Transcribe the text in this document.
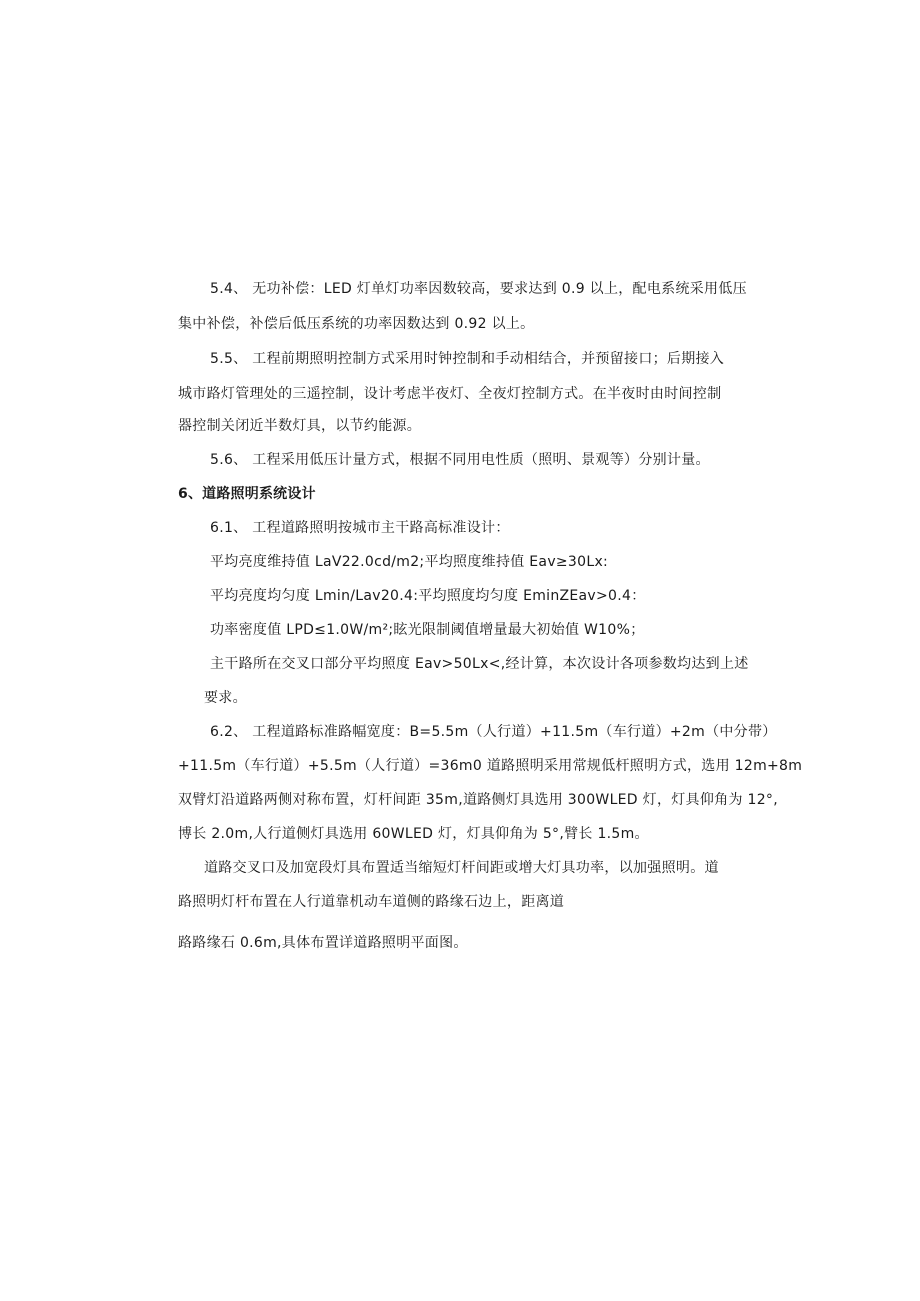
5.4、 无功补偿：LED 灯单灯功率因数较高，要求达到 0.9 以上，配电系统采用低压
集中补偿，补偿后低压系统的功率因数达到 0.92 以上。
5.5、 工程前期照明控制方式采用时钟控制和手动相结合，并预留接口；后期接入
城市路灯管理处的三遥控制，设计考虑半夜灯、全夜灯控制方式。在半夜时由时间控制
器控制关闭近半数灯具，以节约能源。
5.6、 工程采用低压计量方式，根据不同用电性质（照明、景观等）分别计量。
6、道路照明系统设计
6.1、 工程道路照明按城市主干路高标准设计：
平均亮度维持值 LaV22.0cd/m2;平均照度维持值 Eav≥30Lx:
平均亮度均匀度 Lmin/Lav20.4:平均照度均匀度 EminZEav>0.4：
功率密度值 LPD≤1.0W/m²;眩光限制阈值增量最大初始值 W10%；
主干路所在交叉口部分平均照度 Eav>50Lx<,经计算，本次设计各项参数均达到上述
要求。
6.2、 工程道路标准路幅宽度：B=5.5m（人行道）+11.5m（车行道）+2m（中分带）
+11.5m（车行道）+5.5m（人行道）=36m0 道路照明采用常规低杆照明方式，选用 12m+8m
双臂灯沿道路两侧对称布置，灯杆间距 35m,道路侧灯具选用 300WLED 灯，灯具仰角为 12°,
博长 2.0m,人行道侧灯具选用 60WLED 灯，灯具仰角为 5°,臂长 1.5m。
道路交叉口及加宽段灯具布置适当缩短灯杆间距或增大灯具功率，以加强照明。道
路照明灯杆布置在人行道靠机动车道侧的路缘石边上，距离道
路路缘石 0.6m,具体布置详道路照明平面图。
